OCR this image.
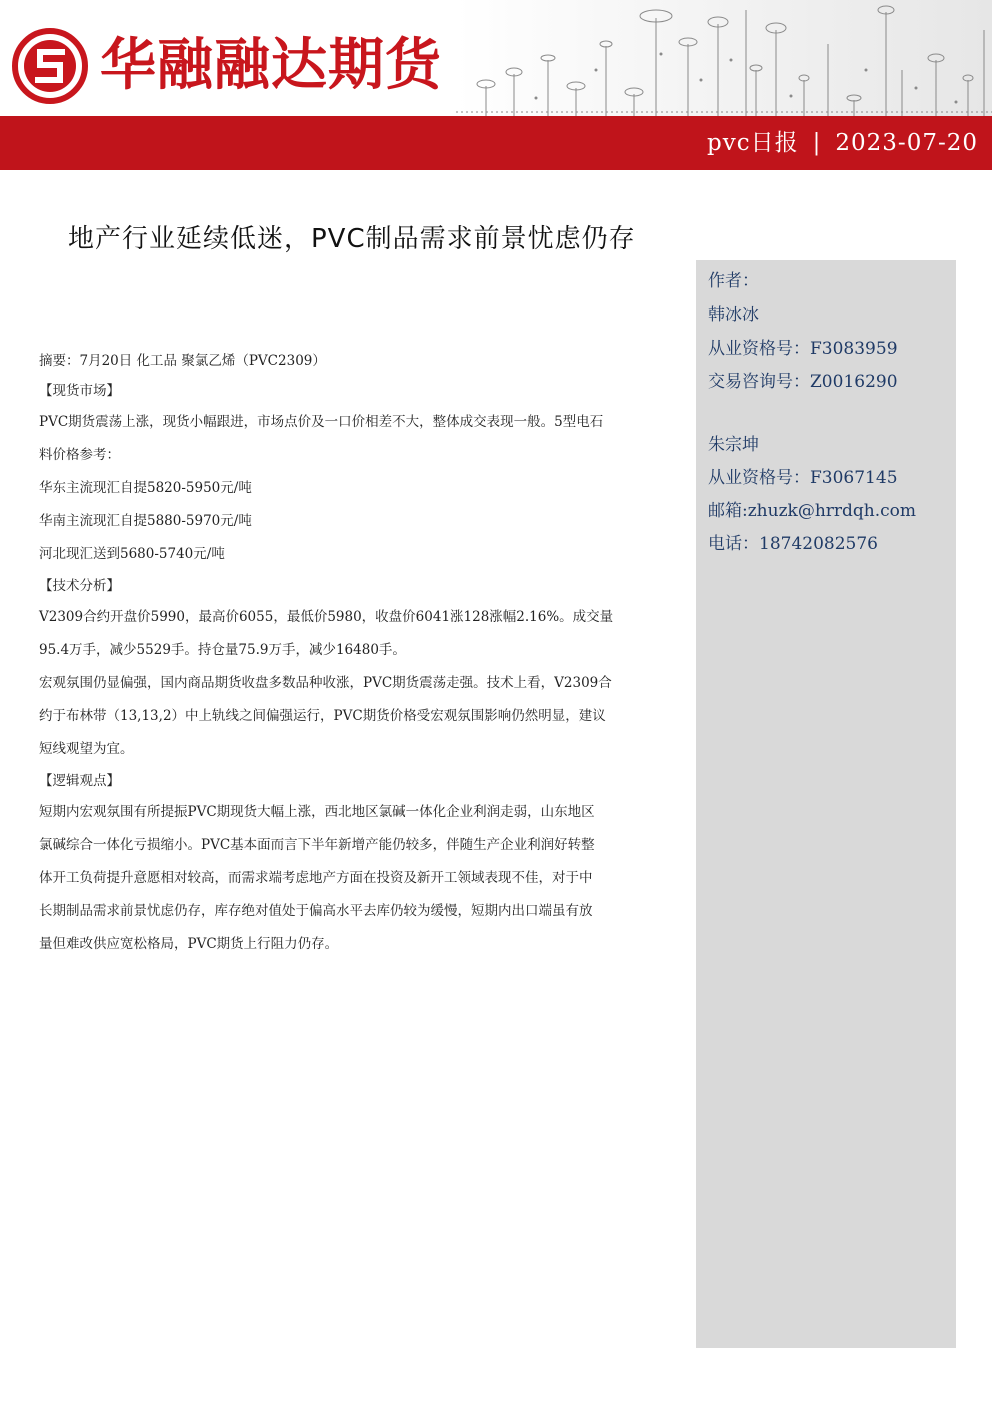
华融融达期货
pvc日报 | 2023-07-20
地产行业延续低迷，PVC制品需求前景忧虑仍存
作者：
韩冰冰
从业资格号：F3083959
交易咨询号：Z0016290
朱宗坤
从业资格号：F3067145
邮箱:zhuzk@hrrdqh.com
电话：18742082576

摘要：7月20日 化工品 聚氯乙烯（PVC2309）

【现货市场】

PVC期货震荡上涨，现货小幅跟进，市场点价及一口价相差不大，整体成交表现一般。5型电石

料价格参考：

华东主流现汇自提5820-5950元/吨

华南主流现汇自提5880-5970元/吨

河北现汇送到5680-5740元/吨

【技术分析】

V2309合约开盘价5990，最高价6055，最低价5980，收盘价6041涨128涨幅2.16%。成交量

95.4万手，减少5529手。持仓量75.9万手，减少16480手。

宏观氛围仍显偏强，国内商品期货收盘多数品种收涨，PVC期货震荡走强。技术上看，V2309合

约于布林带（13,13,2）中上轨线之间偏强运行，PVC期货价格受宏观氛围影响仍然明显，建议

短线观望为宜。

【逻辑观点】

短期内宏观氛围有所提振PVC期现货大幅上涨，西北地区氯碱一体化企业利润走弱，山东地区

氯碱综合一体化亏损缩小。PVC基本面而言下半年新增产能仍较多，伴随生产企业利润好转整

体开工负荷提升意愿相对较高，而需求端考虑地产方面在投资及新开工领域表现不佳，对于中

长期制品需求前景忧虑仍存，库存绝对值处于偏高水平去库仍较为缓慢，短期内出口端虽有放

量但难改供应宽松格局，PVC期货上行阻力仍存。
